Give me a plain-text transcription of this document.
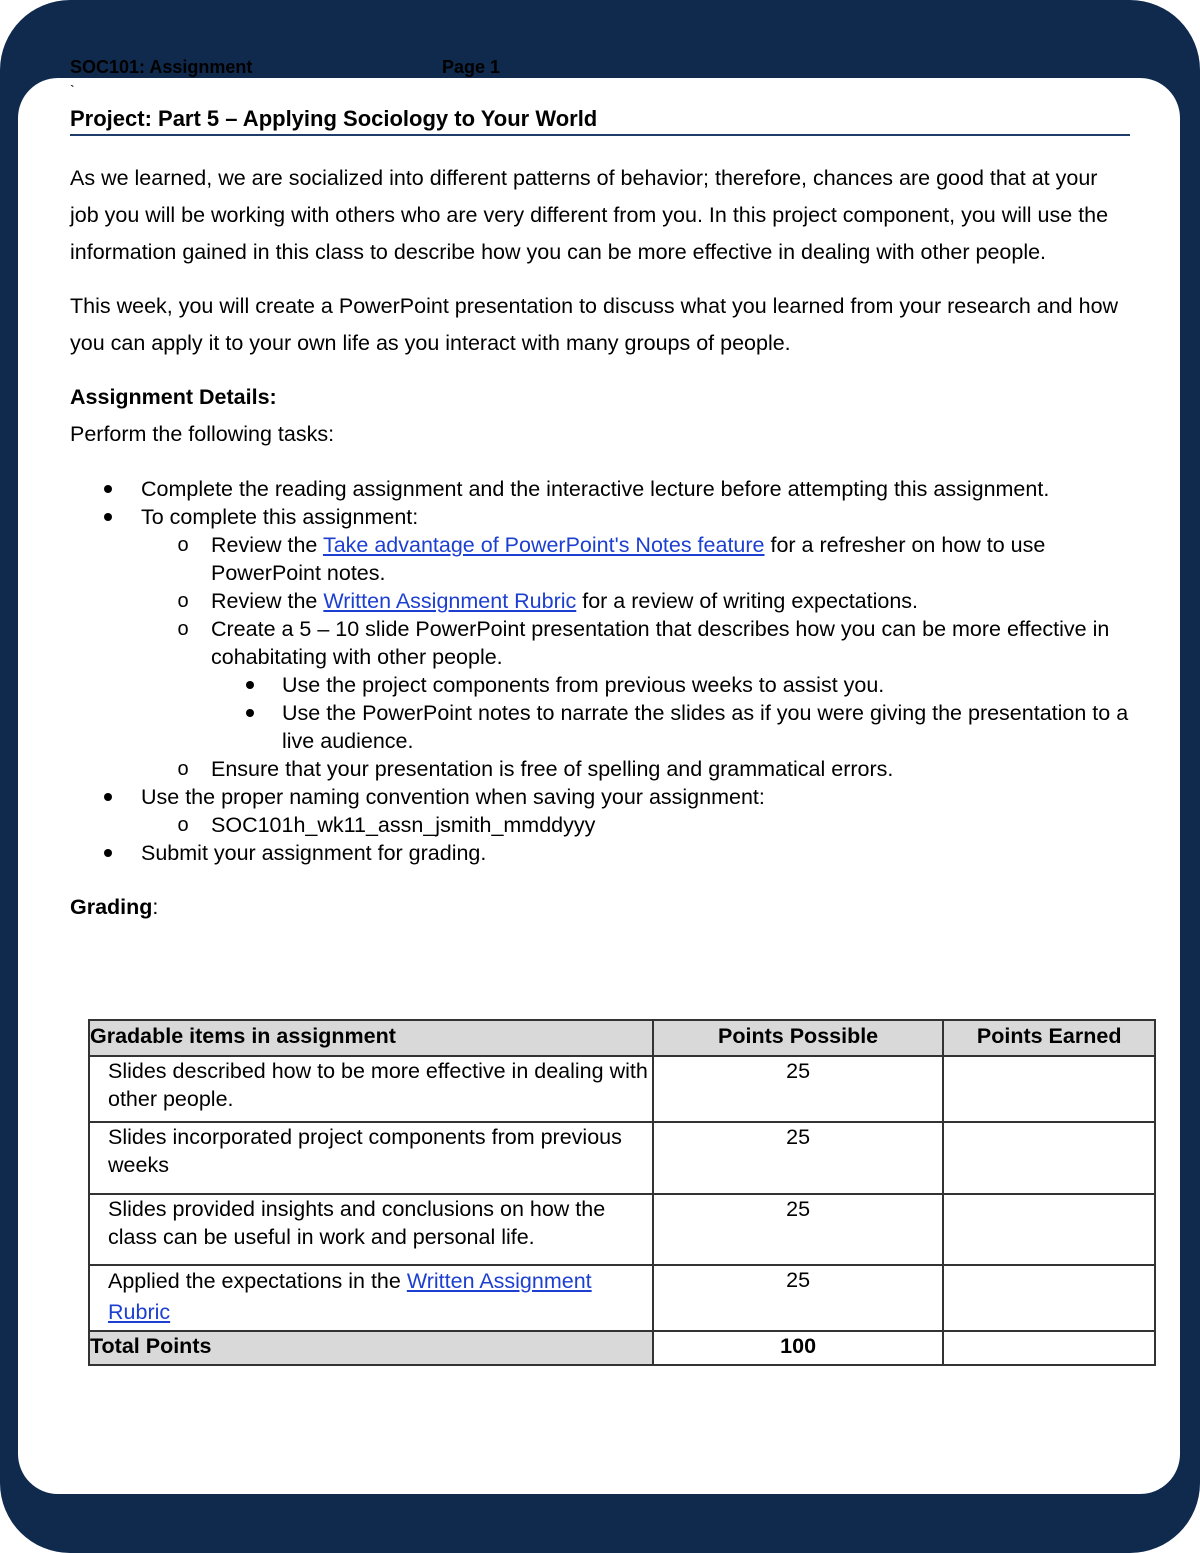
SOC101: Assignment	Page 1
`
Project: Part 5 – Applying Sociology to Your World

As we learned, we are socialized into different patterns of behavior; therefore, chances are good that at your job you will be working with others who are very different from you. In this project component, you will use the information gained in this class to describe how you can be more effective in dealing with other people.

This week, you will create a PowerPoint presentation to discuss what you learned from your research and how you can apply it to your own life as you interact with many groups of people.

Assignment Details:

Perform the following tasks:

Complete the reading assignment and the interactive lecture before attempting this assignment.
To complete this assignment:
o Review the Take advantage of PowerPoint's Notes feature for a refresher on how to use PowerPoint notes.
o Review the Written Assignment Rubric for a review of writing expectations.
o Create a 5 – 10 slide PowerPoint presentation that describes how you can be more effective in cohabitating with other people.
Use the project components from previous weeks to assist you.
Use the PowerPoint notes to narrate the slides as if you were giving the presentation to a live audience.
o Ensure that your presentation is free of spelling and grammatical errors.
Use the proper naming convention when saving your assignment:
o SOC101h_wk11_assn_jsmith_mmddyyy
Submit your assignment for grading.

Grading:

Gradable items in assignment	Points Possible	Points Earned
Slides described how to be more effective in dealing with other people.	25	
Slides incorporated project components from previous weeks	25	
Slides provided insights and conclusions on how the class can be useful in work and personal life.	25	
Applied the expectations in the Written Assignment Rubric	25	
Total Points	100	
